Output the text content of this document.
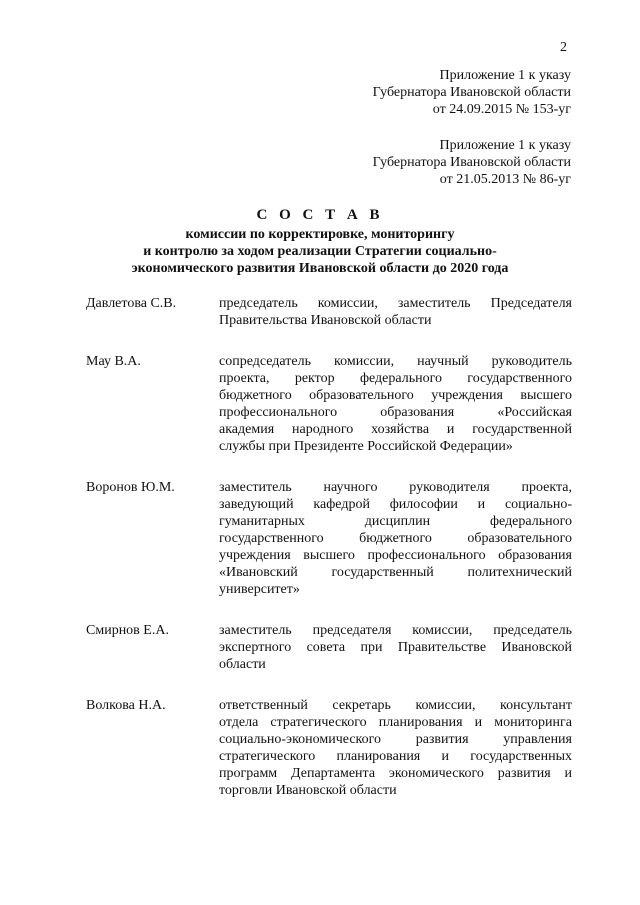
2
Приложение 1 к указу
Губернатора Ивановской области
от 24.09.2015 № 153-уг
Приложение 1 к указу
Губернатора Ивановской области
от 21.05.2013 № 86-уг
С О С Т А В
комиссии по корректировке, мониторингу
и контролю за ходом реализации Стратегии социально-
экономического развития Ивановской области до 2020 года
Давлетова С.В.	председатель комиссии, заместитель Председателя
Правительства Ивановской области
Мау В.А.	сопредседатель комиссии, научный руководитель
проекта, ректор федерального государственного
бюджетного образовательного учреждения высшего
профессионального образования «Российская
академия народного хозяйства и государственной
службы при Президенте Российской Федерации»
Воронов Ю.М.	заместитель научного руководителя проекта,
заведующий кафедрой философии и социально-
гуманитарных дисциплин федерального
государственного бюджетного образовательного
учреждения высшего профессионального образования
«Ивановский государственный политехнический
университет»
Смирнов Е.А.	заместитель председателя комиссии, председатель
экспертного совета при Правительстве Ивановской
области
Волкова Н.А.	ответственный секретарь комиссии, консультант
отдела стратегического планирования и мониторинга
социально-экономического развития управления
стратегического планирования и государственных
программ Департамента экономического развития и
торговли Ивановской области
